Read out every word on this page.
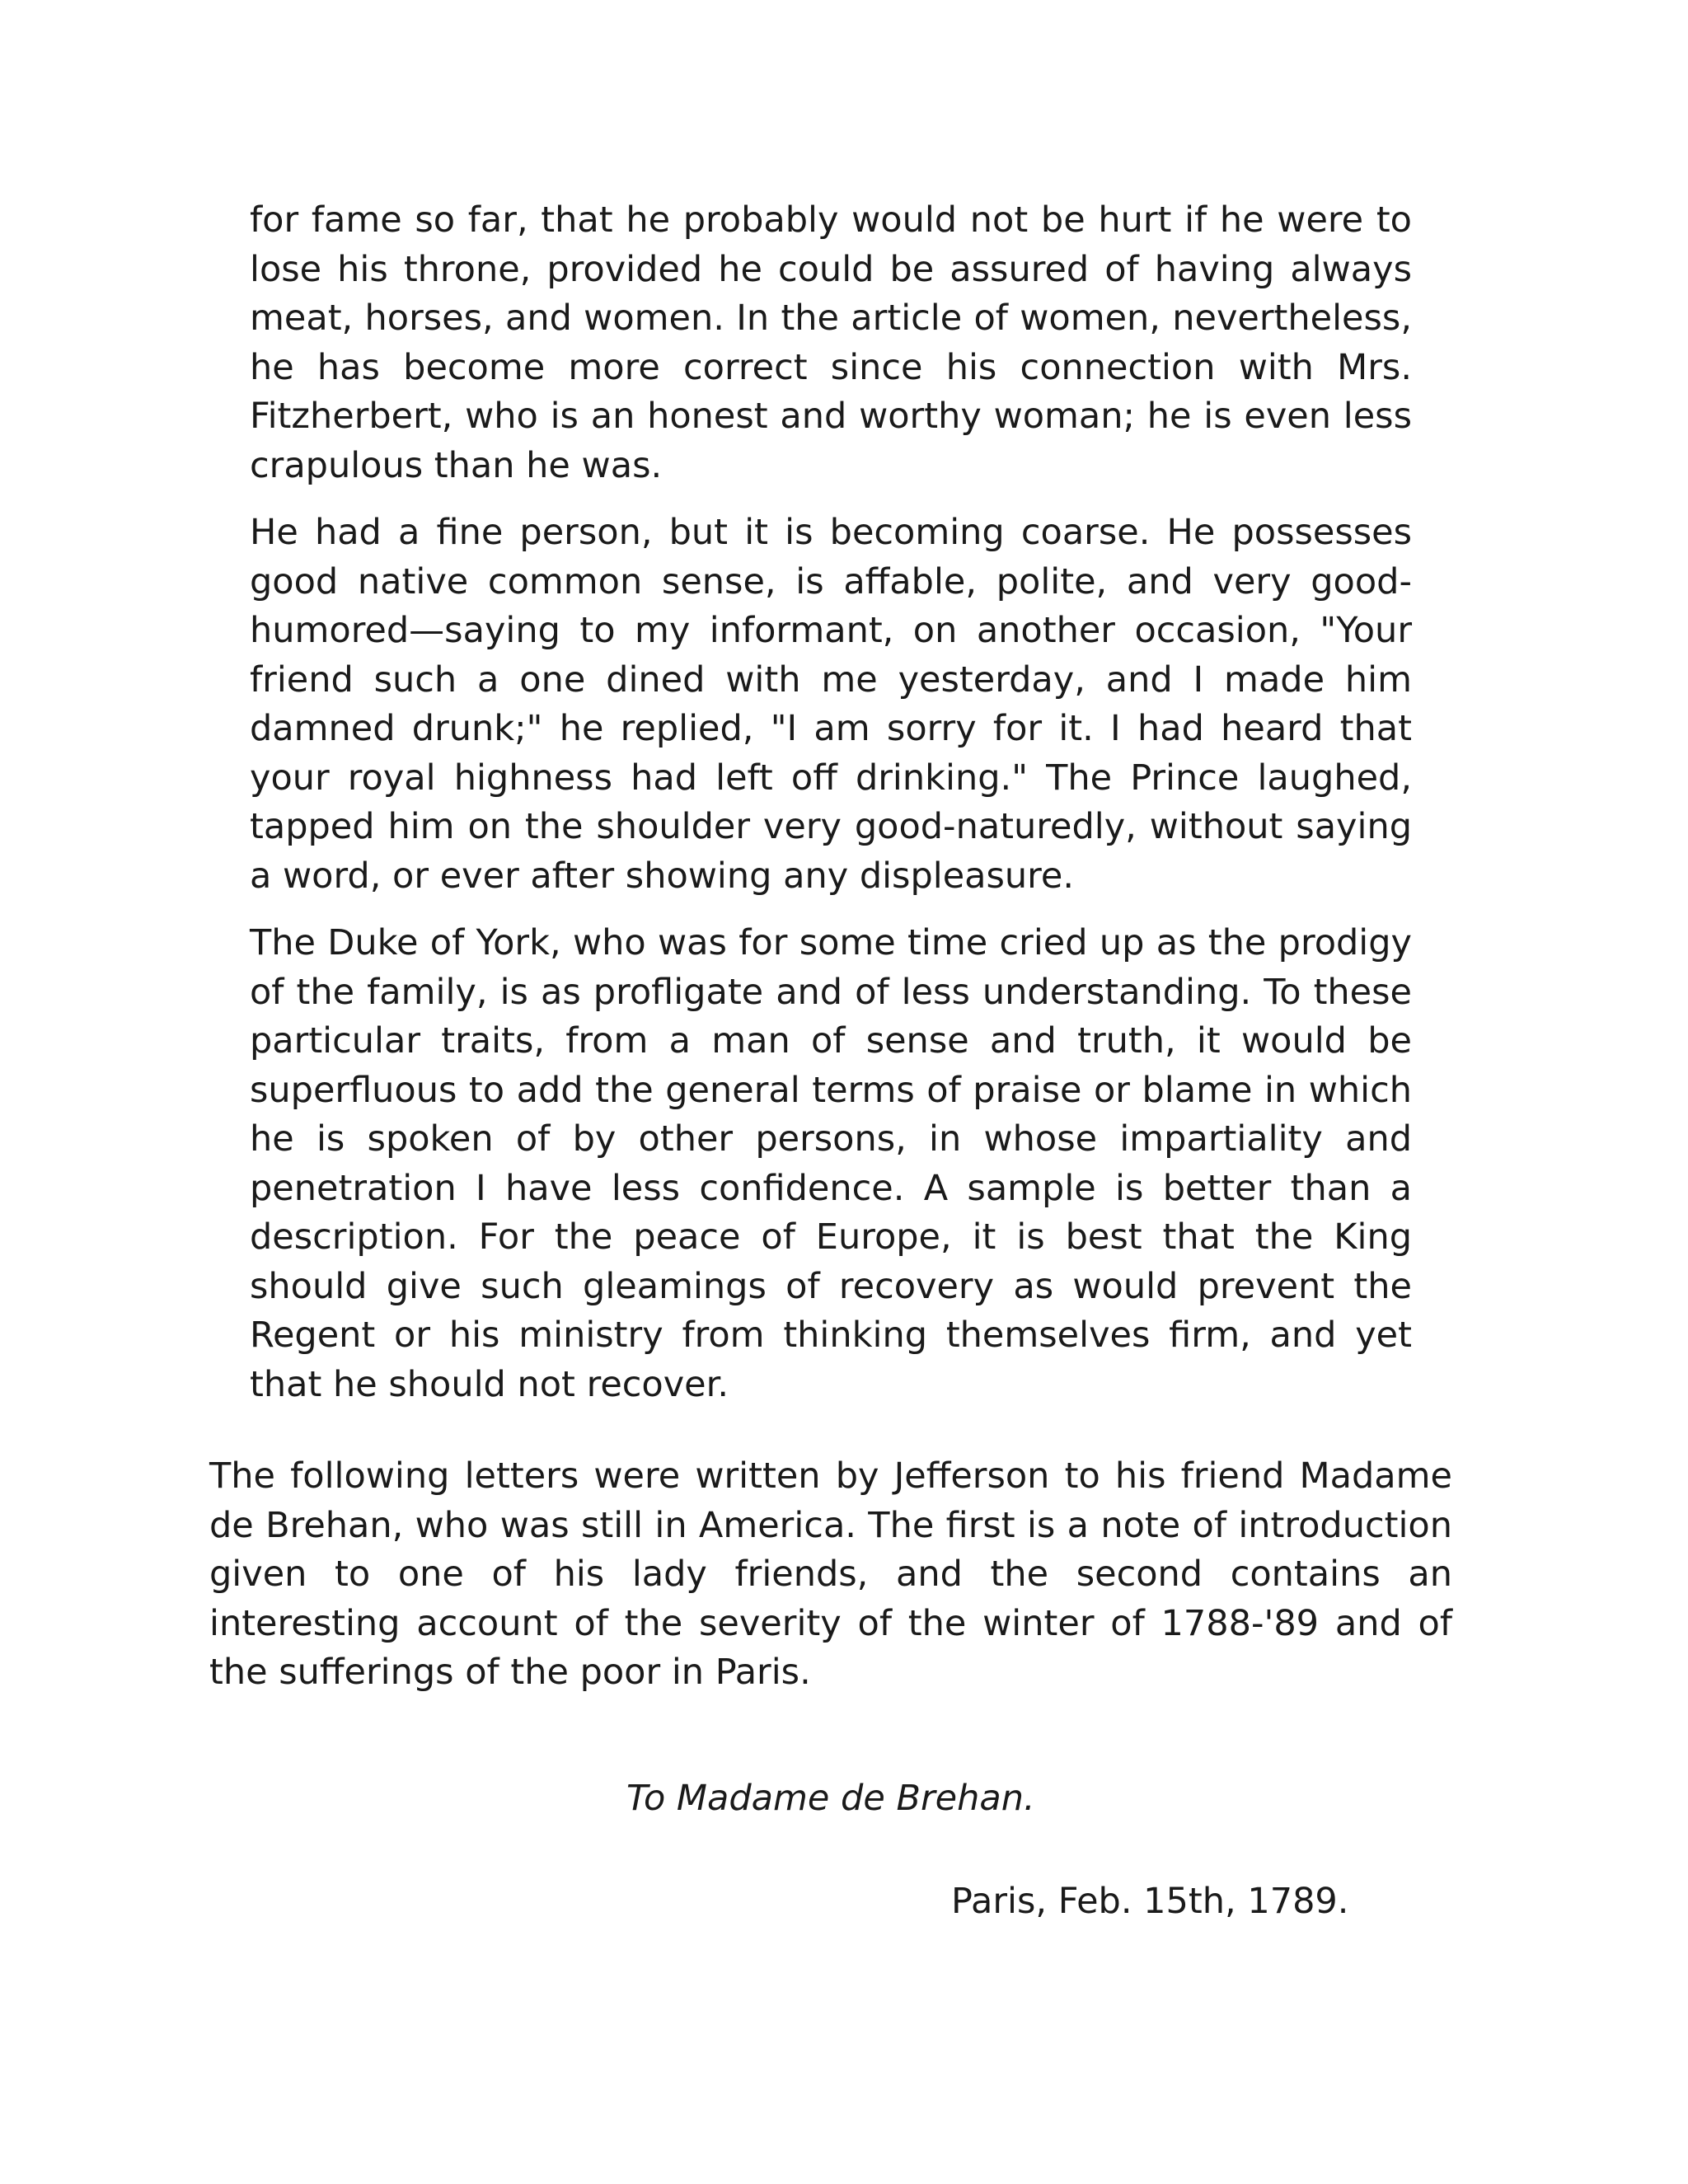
for fame so far, that he probably would not be hurt if he were to lose his throne, provided he could be assured of having always meat, horses, and women. In the article of women, nevertheless, he has become more correct since his connection with Mrs. Fitzherbert, who is an honest and worthy woman; he is even less crapulous than he was.

He had a fine person, but it is becoming coarse. He possesses good native common sense, is affable, polite, and very good-humored—saying to my informant, on another occasion, "Your friend such a one dined with me yesterday, and I made him damned drunk;" he replied, "I am sorry for it. I had heard that your royal highness had left off drinking." The Prince laughed, tapped him on the shoulder very good-naturedly, without saying a word, or ever after showing any displeasure.

The Duke of York, who was for some time cried up as the prodigy of the family, is as profligate and of less understanding. To these particular traits, from a man of sense and truth, it would be superfluous to add the general terms of praise or blame in which he is spoken of by other persons, in whose impartiality and penetration I have less confidence. A sample is better than a description. For the peace of Europe, it is best that the King should give such gleamings of recovery as would prevent the Regent or his ministry from thinking themselves firm, and yet that he should not recover.

The following letters were written by Jefferson to his friend Madame de Brehan, who was still in America. The first is a note of introduction given to one of his lady friends, and the second contains an interesting account of the severity of the winter of 1788-'89 and of the sufferings of the poor in Paris.

To Madame de Brehan.

Paris, Feb. 15th, 1789.
